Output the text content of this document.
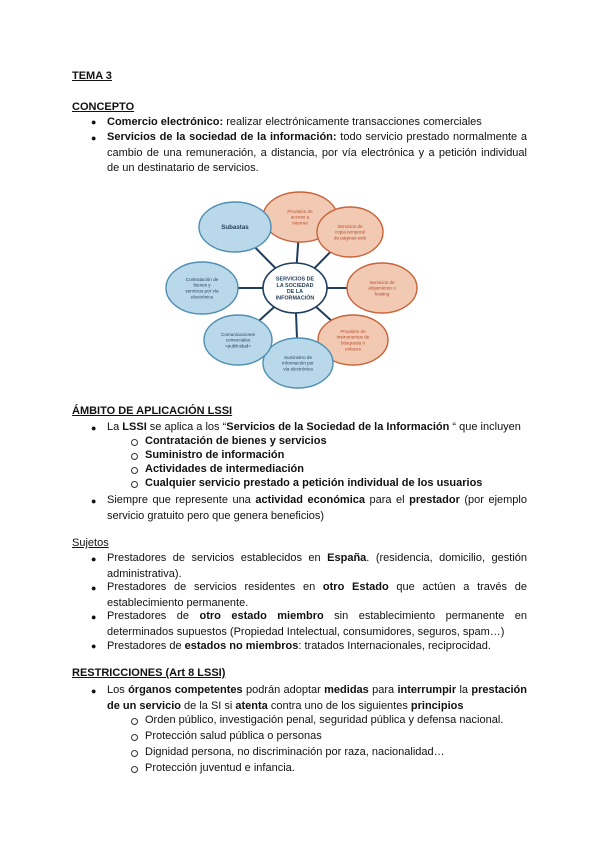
TEMA 3
CONCEPTO
● Comercio electrónico: realizar electrónicamente transacciones comerciales
● Servicios de la sociedad de la información: todo servicio prestado normalmente a cambio de una remuneración, a distancia, por vía electrónica y a petición individual de un destinatario de servicios.
Provisión de acceso a Internet
Servicios de copia temporal de páginas web
Servicios de alojamiento o hosting
Provisión de instrumentos de búsqueda o enlaces
Suministro de información por vía electrónica
Comunicaciones comerciales «publicidad»
Contratación de bienes y servicios por vía electrónica
Subastas
SERVICIOS DE LA SOCIEDAD DE LA INFORMACIÓN
ÁMBITO DE APLICACIÓN LSSI
● La LSSI se aplica a los “Servicios de la Sociedad de la Información “ que incluyen
Contratación de bienes y servicios
Suministro de información
Actividades de intermediación
Cualquier servicio prestado a petición individual de los usuarios
● Siempre que represente una actividad económica para el prestador (por ejemplo servicio gratuito pero que genera beneficios)
Sujetos
● Prestadores de servicios establecidos en España. (residencia, domicilio, gestión administrativa).
● Prestadores de servicios residentes en otro Estado que actúen a través de establecimiento permanente.
● Prestadores de otro estado miembro sin establecimiento permanente en determinados supuestos (Propiedad Intelectual, consumidores, seguros, spam…)
● Prestadores de estados no miembros: tratados Internacionales, reciprocidad.
RESTRICCIONES (Art 8 LSSI)
● Los órganos competentes podrán adoptar medidas para interrumpir la prestación de un servicio de la SI si atenta contra uno de los siguientes principios
Orden público, investigación penal, seguridad pública y defensa nacional.
Protección salud pública o personas
Dignidad persona, no discriminación por raza, nacionalidad…
Protección juventud e infancia.
